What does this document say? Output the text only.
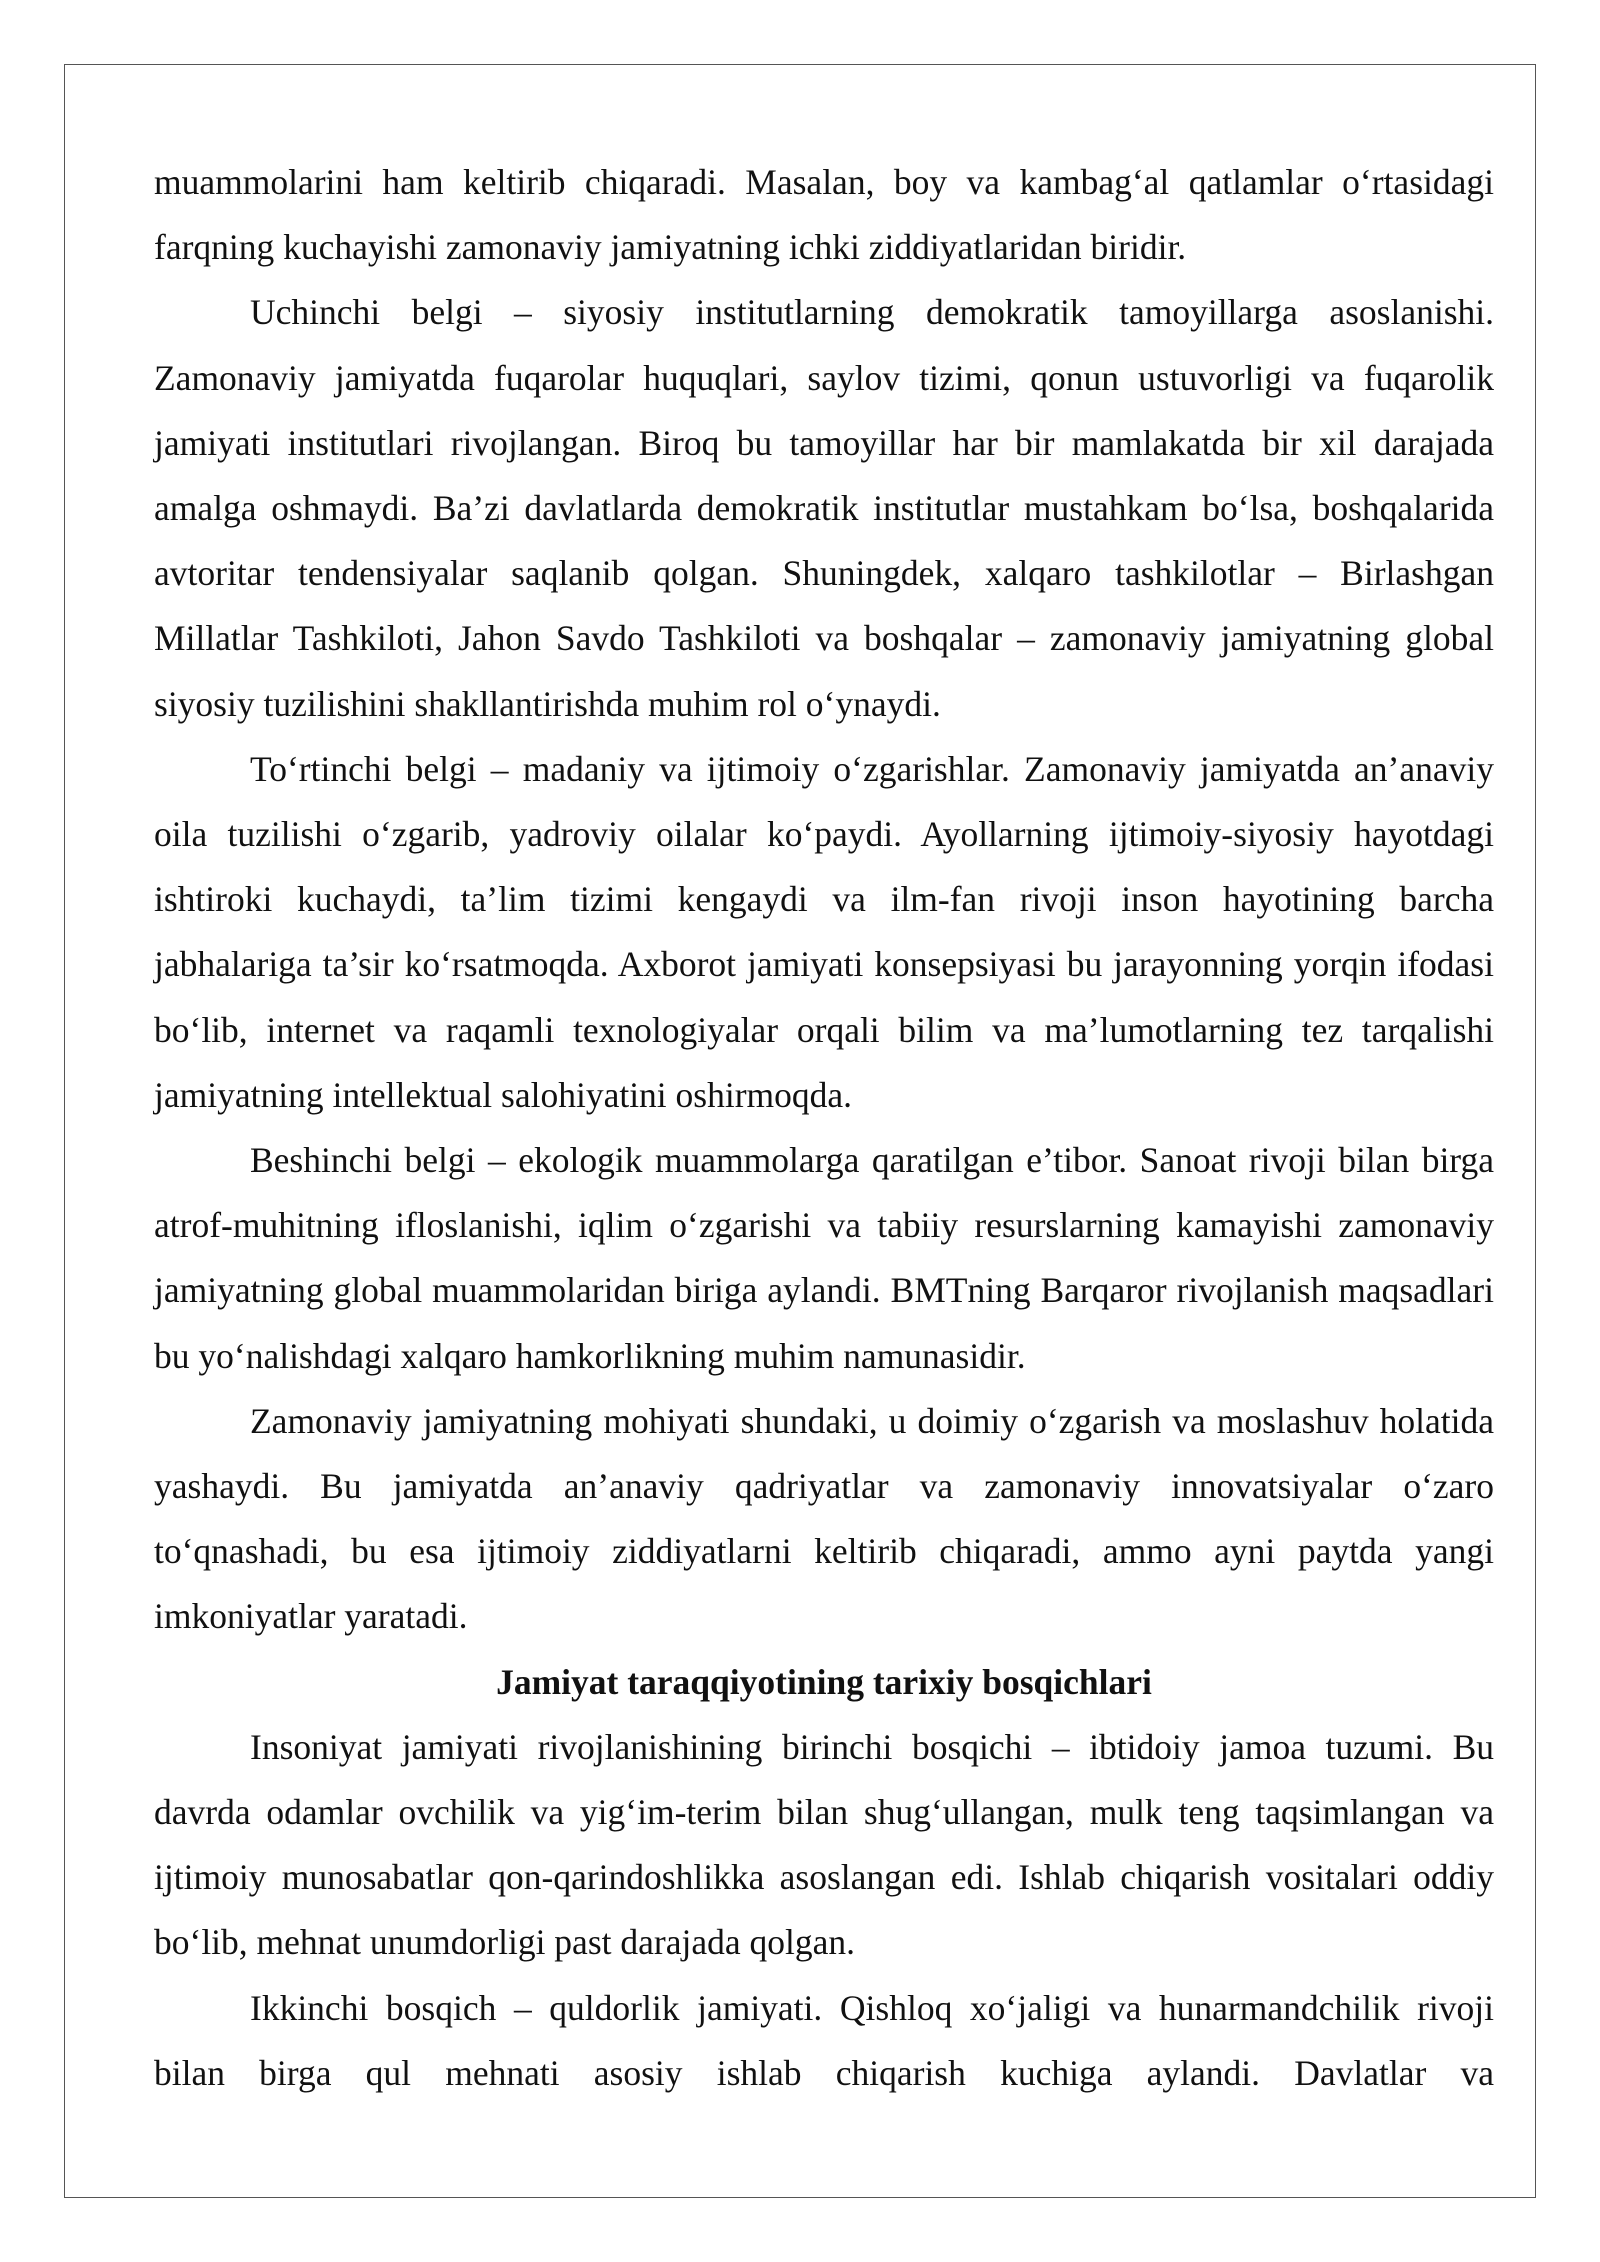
muammolarini ham keltirib chiqaradi. Masalan, boy va kambag‘al qatlamlar o‘rtasidagi farqning kuchayishi zamonaviy jamiyatning ichki ziddiyatlaridan biridir.

Uchinchi belgi – siyosiy institutlarning demokratik tamoyillarga asoslanishi. Zamonaviy jamiyatda fuqarolar huquqlari, saylov tizimi, qonun ustuvorligi va fuqarolik jamiyati institutlari rivojlangan. Biroq bu tamoyillar har bir mamlakatda bir xil darajada amalga oshmaydi. Ba’zi davlatlarda demokratik institutlar mustahkam bo‘lsa, boshqalarida avtoritar tendensiyalar saqlanib qolgan. Shuningdek, xalqaro tashkilotlar – Birlashgan Millatlar Tashkiloti, Jahon Savdo Tashkiloti va boshqalar – zamonaviy jamiyatning global siyosiy tuzilishini shakllantirishda muhim rol o‘ynaydi.

To‘rtinchi belgi – madaniy va ijtimoiy o‘zgarishlar. Zamonaviy jamiyatda an’anaviy oila tuzilishi o‘zgarib, yadroviy oilalar ko‘paydi. Ayollarning ijtimoiy-siyosiy hayotdagi ishtiroki kuchaydi, ta’lim tizimi kengaydi va ilm-fan rivoji inson hayotining barcha jabhalariga ta’sir ko‘rsatmoqda. Axborot jamiyati konsepsiyasi bu jarayonning yorqin ifodasi bo‘lib, internet va raqamli texnologiyalar orqali bilim va ma’lumotlarning tez tarqalishi jamiyatning intellektual salohiyatini oshirmoqda.

Beshinchi belgi – ekologik muammolarga qaratilgan e’tibor. Sanoat rivoji bilan birga atrof-muhitning ifloslanishi, iqlim o‘zgarishi va tabiiy resurslarning kamayishi zamonaviy jamiyatning global muammolaridan biriga aylandi. BMTning Barqaror rivojlanish maqsadlari bu yo‘nalishdagi xalqaro hamkorlikning muhim namunasidir.

Zamonaviy jamiyatning mohiyati shundaki, u doimiy o‘zgarish va moslashuv holatida yashaydi. Bu jamiyatda an’anaviy qadriyatlar va zamonaviy innovatsiyalar o‘zaro to‘qnashadi, bu esa ijtimoiy ziddiyatlarni keltirib chiqaradi, ammo ayni paytda yangi imkoniyatlar yaratadi.

Jamiyat taraqqiyotining tarixiy bosqichlari

Insoniyat jamiyati rivojlanishining birinchi bosqichi – ibtidoiy jamoa tuzumi. Bu davrda odamlar ovchilik va yig‘im-terim bilan shug‘ullangan, mulk teng taqsimlangan va ijtimoiy munosabatlar qon-qarindoshlikka asoslangan edi. Ishlab chiqarish vositalari oddiy bo‘lib, mehnat unumdorligi past darajada qolgan.

Ikkinchi bosqich – quldorlik jamiyati. Qishloq xo‘jaligi va hunarmandchilik rivoji bilan birga qul mehnati asosiy ishlab chiqarish kuchiga aylandi. Davlatlar va
